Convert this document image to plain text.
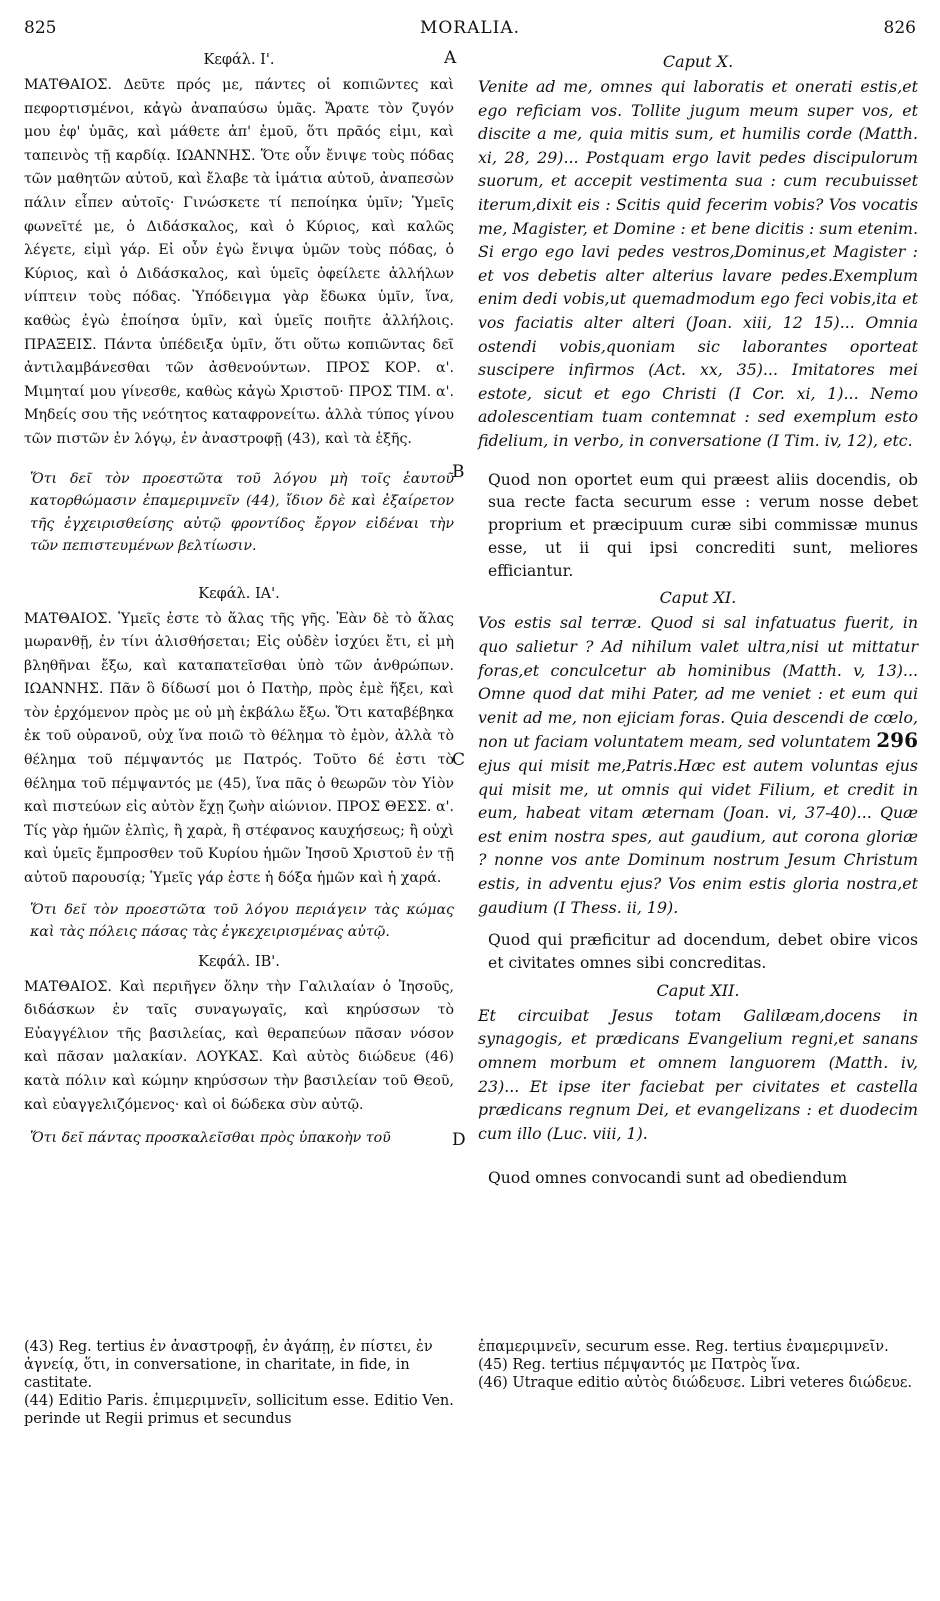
825	MORALIA.	826
A
B
C
D
Κεφάλ. Ι'.

ΜΑΤΘΑΙΟΣ. Δεῦτε πρός με, πάντες οἱ κοπιῶντες καὶ πεφορτισμένοι, κἀγὼ ἀναπαύσω ὑμᾶς. Ἄρατε τὸν ζυγόν μου ἐφ' ὑμᾶς, καὶ μάθετε ἀπ' ἐμοῦ, ὅτι πρᾶός εἰμι, καὶ ταπεινὸς τῇ καρδίᾳ. ΙΩΑΝΝΗΣ. Ὅτε οὖν ἔνιψε τοὺς πόδας τῶν μαθητῶν αὐτοῦ, καὶ ἔλαβε τὰ ἱμάτια αὐτοῦ, ἀναπεσὼν πάλιν εἶπεν αὐτοῖς· Γινώσκετε τί πεποίηκα ὑμῖν; Ὑμεῖς φωνεῖτέ με, ὁ Διδάσκαλος, καὶ ὁ Κύριος, καὶ καλῶς λέγετε, εἰμὶ γάρ. Εἰ οὖν ἐγὼ ἔνιψα ὑμῶν τοὺς πόδας, ὁ Κύριος, καὶ ὁ Διδάσκαλος, καὶ ὑμεῖς ὀφείλετε ἀλλήλων νίπτειν τοὺς πόδας. Ὑπόδειγμα γὰρ ἔδωκα ὑμῖν, ἵνα, καθὼς ἐγὼ ἐποίησα ὑμῖν, καὶ ὑμεῖς ποιῆτε ἀλλήλοις. ΠΡΑΞΕΙΣ. Πάντα ὑπέδειξα ὑμῖν, ὅτι οὕτω κοπιῶντας δεῖ ἀντιλαμβάνεσθαι τῶν ἀσθενούντων. ΠΡΟΣ ΚΟΡ. α'. Μιμηταί μου γίνεσθε, καθὼς κἀγὼ Χριστοῦ· ΠΡΟΣ ΤΙΜ. α'. Μηδείς σου τῆς νεότητος καταφρονείτω. ἀλλὰ τύπος γίνου τῶν πιστῶν ἐν λόγῳ, ἐν ἀναστροφῇ (43), καὶ τὰ ἑξῆς.

Ὅτι δεῖ τὸν προεστῶτα τοῦ λόγου μὴ τοῖς ἑαυτοῦ κατορθώμασιν ἐπαμεριμνεῖν (44), ἴδιον δὲ καὶ ἐξαίρετον τῆς ἐγχειρισθείσης αὐτῷ φροντίδος ἔργον εἰδέναι τὴν τῶν πεπιστευμένων βελτίωσιν.

Κεφάλ. ΙΑ'.

ΜΑΤΘΑΙΟΣ. Ὑμεῖς ἐστε τὸ ἅλας τῆς γῆς. Ἐὰν δὲ τὸ ἅλας μωρανθῇ, ἐν τίνι ἁλισθήσεται; Εἰς οὐδὲν ἰσχύει ἔτι, εἰ μὴ βληθῆναι ἔξω, καὶ καταπατεῖσθαι ὑπὸ τῶν ἀνθρώπων. ΙΩΑΝΝΗΣ. Πᾶν ὃ δίδωσί μοι ὁ Πατὴρ, πρὸς ἐμὲ ἥξει, καὶ τὸν ἐρχόμενον πρὸς με οὐ μὴ ἐκβάλω ἔξω. Ὅτι καταβέβηκα ἐκ τοῦ οὐρανοῦ, οὐχ ἵνα ποιῶ τὸ θέλημα τὸ ἐμὸν, ἀλλὰ τὸ θέλημα τοῦ πέμψαντός με Πατρός. Τοῦτο δέ ἐστι τὸ θέλημα τοῦ πέμψαντός με (45), ἵνα πᾶς ὁ θεωρῶν τὸν Υἱὸν καὶ πιστεύων εἰς αὐτὸν ἔχῃ ζωὴν αἰώνιον. ΠΡΟΣ ΘΕΣΣ. α'. Τίς γὰρ ἡμῶν ἐλπὶς, ἢ χαρὰ, ἢ στέφανος καυχήσεως; ἢ οὐχὶ καὶ ὑμεῖς ἔμπροσθεν τοῦ Κυρίου ἡμῶν Ἰησοῦ Χριστοῦ ἐν τῇ αὐτοῦ παρουσίᾳ; Ὑμεῖς γάρ ἐστε ἡ δόξα ἡμῶν καὶ ἡ χαρά.

Ὅτι δεῖ τὸν προεστῶτα τοῦ λόγου περιάγειν τὰς κώμας καὶ τὰς πόλεις πάσας τὰς ἐγκεχειρισμένας αὐτῷ.

Κεφάλ. ΙΒ'.

ΜΑΤΘΑΙΟΣ. Καὶ περιῆγεν ὅλην τὴν Γαλιλαίαν ὁ Ἰησοῦς, διδάσκων ἐν ταῖς συναγωγαῖς, καὶ κηρύσσων τὸ Εὐαγγέλιον τῆς βασιλείας, καὶ θεραπεύων πᾶσαν νόσον καὶ πᾶσαν μαλακίαν. ΛΟΥΚΑΣ. Καὶ αὐτὸς διώδευε (46) κατὰ πόλιν καὶ κώμην κηρύσσων τὴν βασιλείαν τοῦ Θεοῦ, καὶ εὐαγγελιζόμενος· καὶ οἱ δώδεκα σὺν αὐτῷ.

Ὅτι δεῖ πάντας προσκαλεῖσθαι πρὸς ὑπακοὴν τοῦ

Caput X.

Venite ad me, omnes qui laboratis et onerati estis,et ego reficiam vos. Tollite jugum meum super vos, et discite a me, quia mitis sum, et humilis corde (Matth. xi, 28, 29)... Postquam ergo lavit pedes discipulorum suorum, et accepit vestimenta sua : cum recubuisset iterum,dixit eis : Scitis quid fecerim vobis? Vos vocatis me, Magister, et Domine : et bene dicitis : sum etenim. Si ergo ego lavi pedes vestros,Dominus,et Magister : et vos debetis alter alterius lavare pedes.Exemplum enim dedi vobis,ut quemadmodum ego feci vobis,ita et vos faciatis alter alteri (Joan. xiii, 12 15)... Omnia ostendi vobis,quoniam sic laborantes oporteat suscipere infirmos (Act. xx, 35)... Imitatores mei estote, sicut et ego Christi (I Cor. xi, 1)... Nemo adolescentiam tuam contemnat : sed exemplum esto fidelium, in verbo, in conversatione (I Tim. iv, 12), etc.

Quod non oportet eum qui præest aliis docendis, ob sua recte facta securum esse : verum nosse debet proprium et præcipuum curæ sibi commissæ munus esse, ut ii qui ipsi concrediti sunt, meliores efficiantur.

Caput XI.

Vos estis sal terræ. Quod si sal infatuatus fuerit, in quo salietur ? Ad nihilum valet ultra,nisi ut mittatur foras,et conculcetur ab hominibus (Matth. v, 13)... Omne quod dat mihi Pater, ad me veniet : et eum qui venit ad me, non ejiciam foras. Quia descendi de cœlo, non ut faciam voluntatem meam, sed voluntatem 296 ejus qui misit me,Patris.Hæc est autem voluntas ejus qui misit me, ut omnis qui videt Filium, et credit in eum, habeat vitam æternam (Joan. vi, 37-40)... Quæ est enim nostra spes, aut gaudium, aut corona gloriæ ? nonne vos ante Dominum nostrum Jesum Christum estis, in adventu ejus? Vos enim estis gloria nostra,et gaudium (I Thess. ii, 19).

Quod qui præficitur ad docendum, debet obire vicos et civitates omnes sibi concreditas.

Caput XII.

Et circuibat Jesus totam Galilæam,docens in synagogis, et prædicans Evangelium regni,et sanans omnem morbum et omnem languorem (Matth. iv, 23)... Et ipse iter faciebat per civitates et castella prædicans regnum Dei, et evangelizans : et duodecim cum illo (Luc. viii, 1).

Quod omnes convocandi sunt ad obediendum

(43) Reg. tertius ἐν ἀναστροφῇ, ἐν ἀγάπῃ, ἐν πίστει, ἐν ἁγνείᾳ, ὅτι, in conversatione, in charitate, in fide, in castitate.

(44) Editio Paris. ἐπιμεριμνεῖν, sollicitum esse. Editio Ven. perinde ut Regii primus et secundus

ἐπαμεριμνεῖν, securum esse. Reg. tertius ἐναμεριμνεῖν.

(45) Reg. tertius πέμψαντός με Πατρὸς ἵνα.

(46) Utraque editio αὐτὸς διώδευσε. Libri veteres διώδευε.
